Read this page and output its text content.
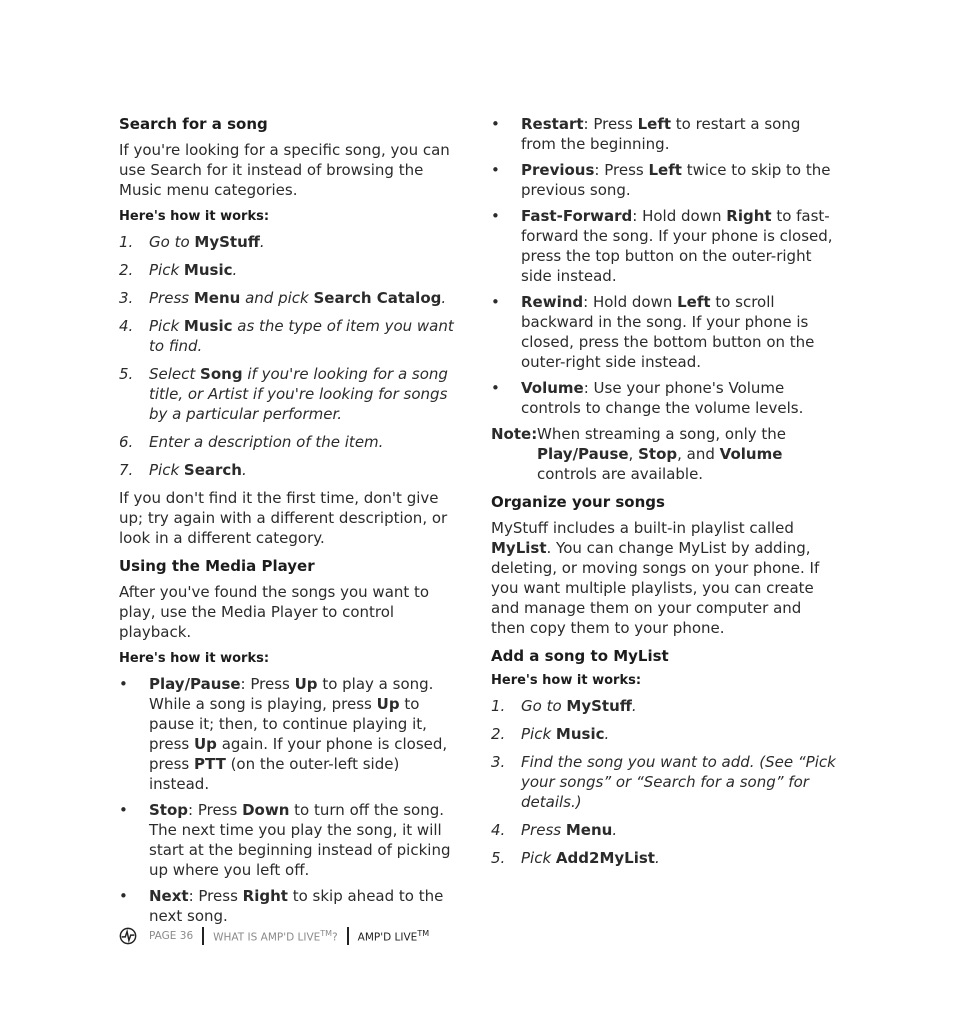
Search for a song

If you're looking for a specific song, you can use Search for it instead of browsing the Music menu categories.

Here's how it works:
1. Go to MyStuff.
2. Pick Music.
3. Press Menu and pick Search Catalog.
4. Pick Music as the type of item you want to find.
5. Select Song if you're looking for a song title, or Artist if you're looking for songs by a particular performer.
6. Enter a description of the item.
7. Pick Search.

If you don't find it the first time, don't give up; try again with a different description, or look in a different category.

Using the Media Player

After you've found the songs you want to play, use the Media Player to control playback.

Here's how it works:
• Play/Pause: Press Up to play a song. While a song is playing, press Up to pause it; then, to continue playing it, press Up again. If your phone is closed, press PTT (on the outer-left side) instead.
• Stop: Press Down to turn off the song. The next time you play the song, it will start at the beginning instead of picking up where you left off.
• Next: Press Right to skip ahead to the next song.
• Restart: Press Left to restart a song from the beginning.
• Previous: Press Left twice to skip to the previous song.
• Fast-Forward: Hold down Right to fast-forward the song. If your phone is closed, press the top button on the outer-right side instead.
• Rewind: Hold down Left to scroll backward in the song. If your phone is closed, press the bottom button on the outer-right side instead.
• Volume: Use your phone's Volume controls to change the volume levels.
Note: When streaming a song, only the Play/Pause, Stop, and Volume controls are available.
Organize your songs

MyStuff includes a built-in playlist called MyList. You can change MyList by adding, deleting, or moving songs on your phone. If you want multiple playlists, you can create and manage them on your computer and then copy them to your phone.

Add a song to MyList
Here's how it works:
1. Go to MyStuff.
2. Pick Music.
3. Find the song you want to add. (See “Pick your songs” or “Search for a song” for details.)
4. Press Menu.
5. Pick Add2MyList.
PAGE 36 WHAT IS AMP'D LIVE™? AMP'D LIVE™
